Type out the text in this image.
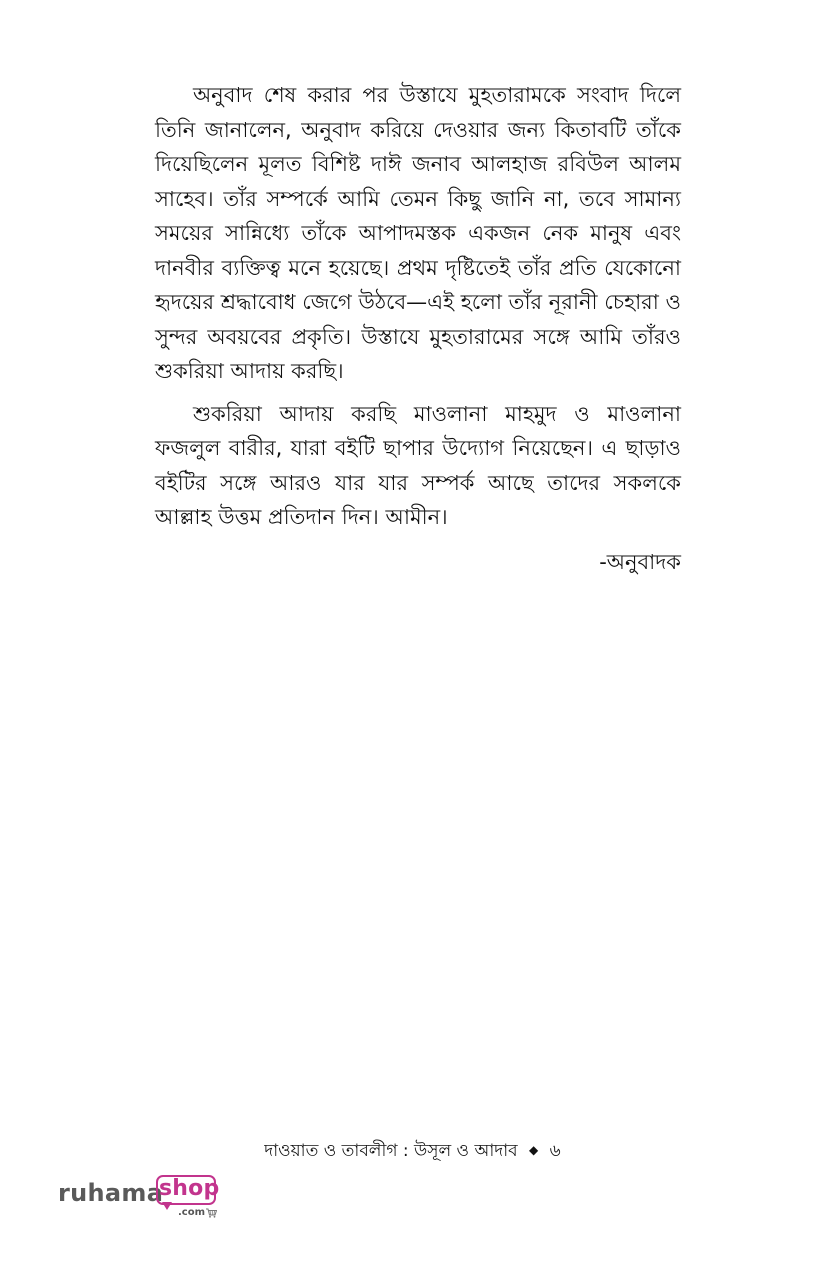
অনুবাদ শেষ করার পর উস্তাযে মুহতারামকে সংবাদ দিলে তিনি জানালেন, অনুবাদ করিয়ে দেওয়ার জন্য কিতাবটি তাঁকে দিয়েছিলেন মূলত বিশিষ্ট দাঈ জনাব আলহাজ রবিউল আলম সাহেব। তাঁর সম্পর্কে আমি তেমন কিছু জানি না, তবে সামান্য সময়ের সান্নিধ্যে তাঁকে আপাদমস্তক একজন নেক মানুষ এবং দানবীর ব্যক্তিত্ব মনে হয়েছে। প্রথম দৃষ্টিতেই তাঁর প্রতি যেকোনো হৃদয়ের শ্রদ্ধাবোধ জেগে উঠবে—এই হলো তাঁর নূরানী চেহারা ও সুন্দর অবয়বের প্রকৃতি। উস্তাযে মুহতারামের সঙ্গে আমি তাঁরও শুকরিয়া আদায় করছি।

শুকরিয়া আদায় করছি মাওলানা মাহমুদ ও মাওলানা ফজলুল বারীর, যারা বইটি ছাপার উদ্যোগ নিয়েছেন। এ ছাড়াও বইটির সঙ্গে আরও যার যার সম্পর্ক আছে তাদের সকলকে আল্লাহ উত্তম প্রতিদান দিন। আমীন।

-অনুবাদক
দাওয়াত ও তাবলীগ : উসূল ও আদাব ◆ ৬
ruhama
shop
.com
